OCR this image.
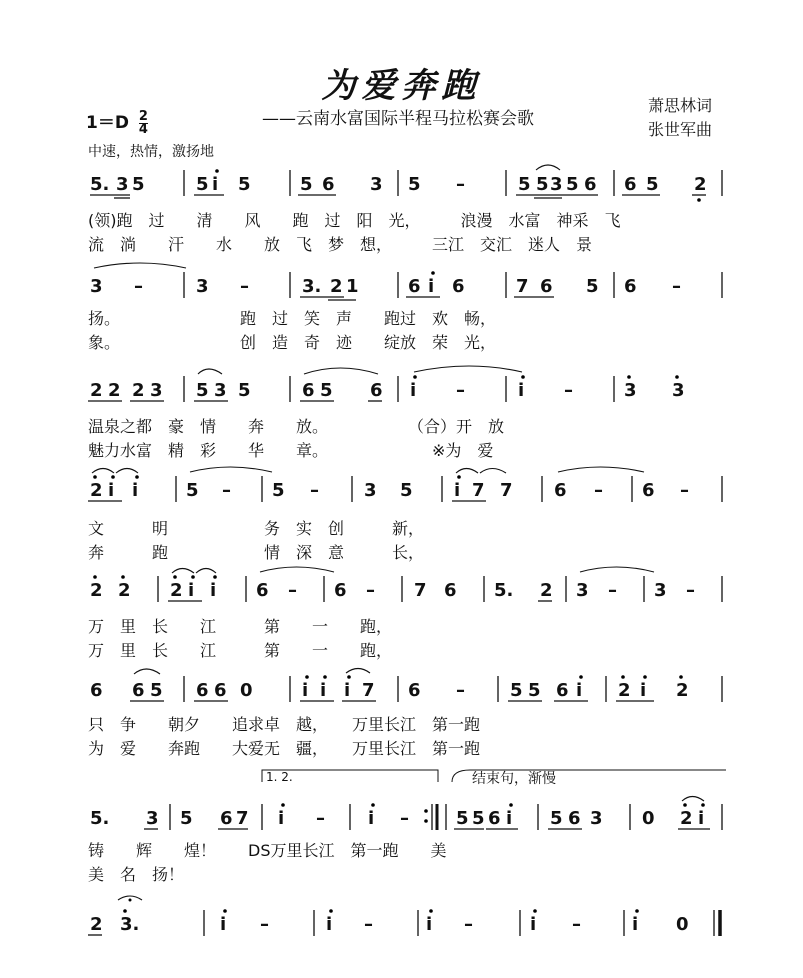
为爱奔跑
——云南水富国际半程马拉松赛会歌
萧思林词
张世军曲
$1=D \frac{2}{4}$
中速，热情，激扬地
5. 3 5	5 i 5	5 6 3 5 –	5 5 3 5 6 6 5 2
(领)跑　过　　清　　风　　跑　过　阳　光，　　　浪漫　水富　神采　飞
流　淌　　汗　　水　　放　飞　梦　想，　　　三江　交汇　迷人　景
3 –	3 –	3. 2 1	6 i 6	7 6 5 6 –
扬。　　　　　　　　跑　过　笑　声　　跑过　欢　畅，
象。　　　　　　　　创　造　奇　迹　　绽放　荣　光，
2 2 2 3 5 3 5	6 5 6 i –	i –	3 3
温泉之都　豪　情　　奔　　放。　　　　　　（合）开　放
魅力水富　精　彩　　华　　章。　　　　　　　※为　爱
2 i i	5 – 5 –	3 5 i 7 7 6 – 6 –
文　　　明　　　　　　务　实　创　　　新，
奔　　　跑　　　　　　情　深　意　　　长，
2 2 2 i i 6 – 6 – 7 6 5. 2 3 – 3 –
万　里　长　　江　　　第　　一　　跑，
万　里　长　　江　　　第　　一　　跑，
6 6 5 6 6 0	i i i 7 6 –	5 5 6 i 2 i 2
只　争　　朝夕　　追求卓　越，　　万里长江　第一跑
为　爱　　奔跑　　大爱无　疆，　　万里长江　第一跑
1. 2.	结束句，渐慢
5. 3 5 6 7 i – i –	5 5 6 i 5 6 3 0 2 i
铸　　辉　　煌！　　DS万里长江　第一跑　　美
美　名　扬！
2 3.	i –	i –	i –	i –	i 0
